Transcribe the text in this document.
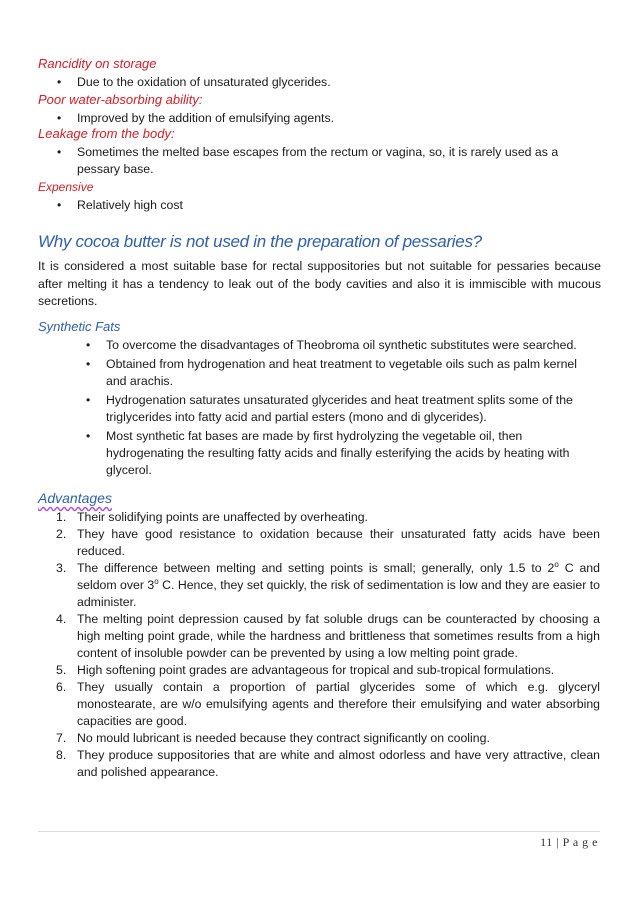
Rancidity on storage

• Due to the oxidation of unsaturated glycerides.

Poor water-absorbing ability:

• Improved by the addition of emulsifying agents.

Leakage from the body:

• Sometimes the melted base escapes from the rectum or vagina, so, it is rarely used as a pessary base.

Expensive

• Relatively high cost

Why cocoa butter is not used in the preparation of pessaries?

It is considered a most suitable base for rectal suppositories but not suitable for pessaries because after melting it has a tendency to leak out of the body cavities and also it is immiscible with mucous secretions.

Synthetic Fats

• To overcome the disadvantages of Theobroma oil synthetic substitutes were searched.
• Obtained from hydrogenation and heat treatment to vegetable oils such as palm kernel and arachis.
• Hydrogenation saturates unsaturated glycerides and heat treatment splits some of the triglycerides into fatty acid and partial esters (mono and di glycerides).
• Most synthetic fat bases are made by first hydrolyzing the vegetable oil, then hydrogenating the resulting fatty acids and finally esterifying the acids by heating with glycerol.

Advantages

1. Their solidifying points are unaffected by overheating.
2. They have good resistance to oxidation because their unsaturated fatty acids have been reduced.
3. The difference between melting and setting points is small; generally, only 1.5 to 2$^o$ C and seldom over 3$^o$ C. Hence, they set quickly, the risk of sedimentation is low and they are easier to administer.
4. The melting point depression caused by fat soluble drugs can be counteracted by choosing a high melting point grade, while the hardness and brittleness that sometimes results from a high content of insoluble powder can be prevented by using a low melting point grade.
5. High softening point grades are advantageous for tropical and sub-tropical formulations.
6. They usually contain a proportion of partial glycerides some of which e.g. glyceryl monostearate, are w/o emulsifying agents and therefore their emulsifying and water absorbing capacities are good.
7. No mould lubricant is needed because they contract significantly on cooling.
8. They produce suppositories that are white and almost odorless and have very attractive, clean and polished appearance.
11 | P a g e
